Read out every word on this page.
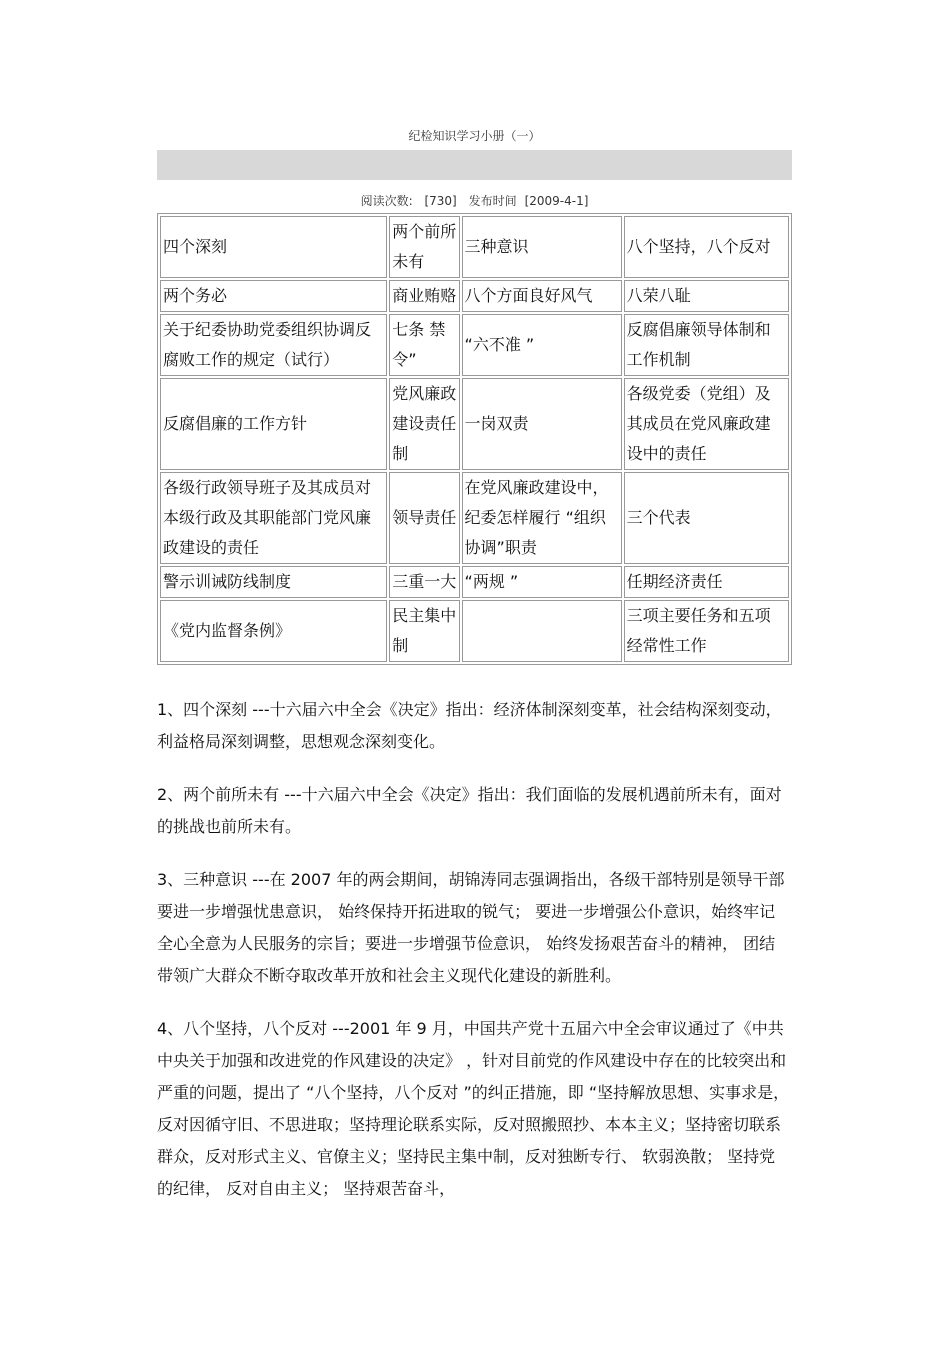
纪检知识学习小册（一）
阅读次数: [730] 发布时间 [2009-4-1]
四个深刻	两个前所未有	三种意识	八个坚持，八个反对
两个务必	商业贿赂	八个方面良好风气	八荣八耻
关于纪委协助党委组织协调反腐败工作的规定（试行）	七条 禁令”	“六不准 ”	反腐倡廉领导体制和工作机制
反腐倡廉的工作方针	党风廉政建设责任制	一岗双责	各级党委（党组）及其成员在党风廉政建设中的责任
各级行政领导班子及其成员对本级行政及其职能部门党风廉政建设的责任	领导责任	在党风廉政建设中，纪委怎样履行 “组织协调”职责	三个代表
警示训诫防线制度	三重一大	“两规 ”	任期经济责任
《党内监督条例》	民主集中制		三项主要任务和五项经常性工作

1、四个深刻 ---十六届六中全会《决定》指出：经济体制深刻变革，社会结构深刻变动，利益格局深刻调整，思想观念深刻变化。

2、两个前所未有 ---十六届六中全会《决定》指出：我们面临的发展机遇前所未有，面对的挑战也前所未有。

3、三种意识 ---在 2007 年的两会期间，胡锦涛同志强调指出，各级干部特别是领导干部要进一步增强忧患意识， 始终保持开拓进取的锐气； 要进一步增强公仆意识，始终牢记全心全意为人民服务的宗旨；要进一步增强节俭意识， 始终发扬艰苦奋斗的精神， 团结带领广大群众不断夺取改革开放和社会主义现代化建设的新胜利。

4、八个坚持，八个反对 ---2001 年 9 月，中国共产党十五届六中全会审议通过了《中共中央关于加强和改进党的作风建设的决定》 ，针对目前党的作风建设中存在的比较突出和严重的问题，提出了 “八个坚持，八个反对 ”的纠正措施，即 “坚持解放思想、实事求是，反对因循守旧、不思进取；坚持理论联系实际，反对照搬照抄、本本主义；坚持密切联系群众，反对形式主义、官僚主义；坚持民主集中制，反对独断专行、 软弱涣散； 坚持党的纪律， 反对自由主义； 坚持艰苦奋斗，
